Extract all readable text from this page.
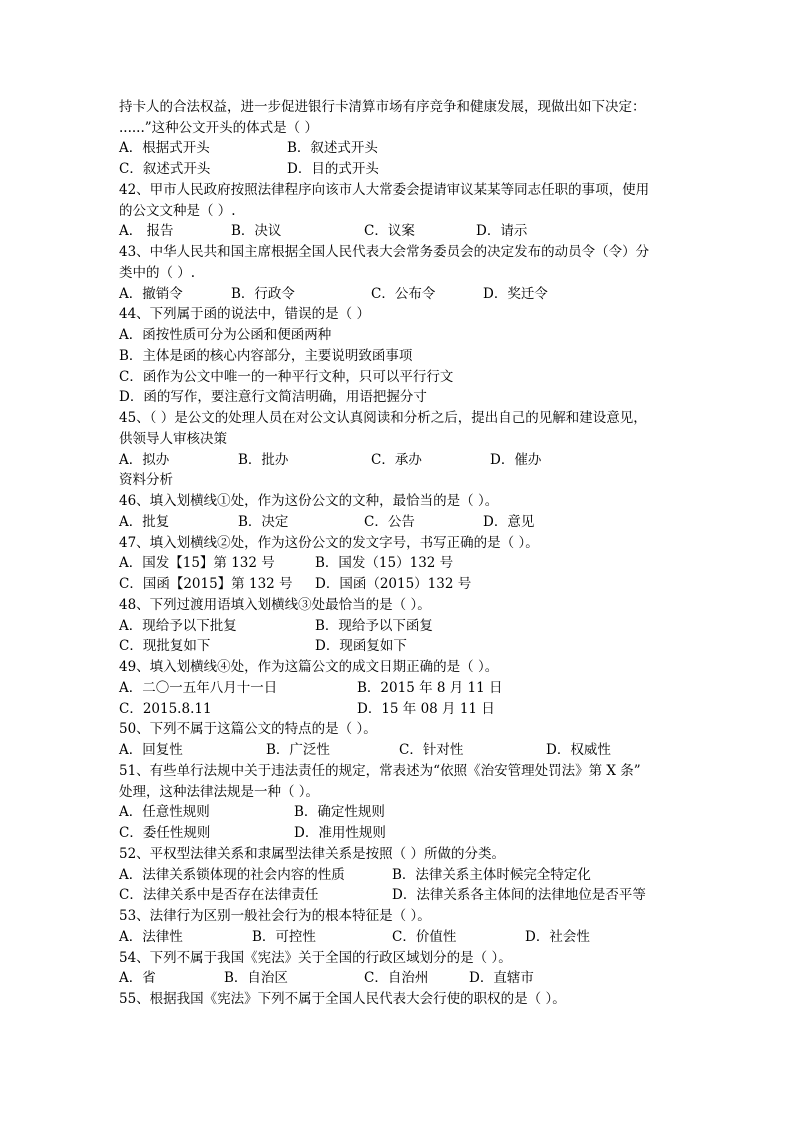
持卡人的合法权益，进一步促进银行卡清算市场有序竞争和健康发展，现做出如下决定：
......”这种公文开头的体式是（ ）
A．根据式开头	B．叙述式开头
C．叙述式开头	D．目的式开头
42、甲市人民政府按照法律程序向该市人大常委会提请审议某某等同志任职的事项，使用
的公文文种是（ ）.
A． 报告	B．决议	C．议案	D．请示
43、中华人民共和国主席根据全国人民代表大会常务委员会的决定发布的动员令（令）分
类中的（ ）.
A．撤销令	B．行政令	C．公布令	D．奖迁令
44、下列属于函的说法中，错误的是（ ）
A．函按性质可分为公函和便函两种
B．主体是函的核心内容部分，主要说明致函事项
C．函作为公文中唯一的一种平行文种，只可以平行行文
D．函的写作，要注意行文简洁明确，用语把握分寸
45、（ ）是公文的处理人员在对公文认真阅读和分析之后，提出自己的见解和建设意见，
供领导人审核决策
A．拟办	B．批办	C．承办	D．催办
资料分析
46、填入划横线①处，作为这份公文的文种，最恰当的是（ ）。
A．批复	B．决定	C．公告	D．意见
47、填入划横线②处，作为这份公文的发文字号，书写正确的是（ ）。
A．国发【15】第 132 号	B．国发（15）132 号
C．国函【2015】第 132 号 D．国函（2015）132 号
48、下列过渡用语填入划横线③处最恰当的是（ ）。
A．现给予以下批复	B．现给予以下函复
C．现批复如下	D．现函复如下
49、填入划横线④处，作为这篇公文的成文日期正确的是（ ）。
A．二〇一五年八月十一日	B．2015 年 8 月 11 日
C．2015.8.11	D．15 年 08 月 11 日
50、下列不属于这篇公文的特点的是（ ）。
A．回复性	B．广泛性	C．针对性	D．权威性
51、有些单行法规中关于违法责任的规定，常表述为“依照《治安管理处罚法》第 X 条”
处理，这种法律法规是一种（ ）。
A．任意性规则	B．确定性规则
C．委任性规则	D．准用性规则
52、平权型法律关系和隶属型法律关系是按照（ ）所做的分类。
A．法律关系锁体现的社会内容的性质	B．法律关系主体时候完全特定化
C．法律关系中是否存在法律责任	D．法律关系各主体间的法律地位是否平等
53、法律行为区别一般社会行为的根本特征是（ ）。
A．法律性	B．可控性	C．价值性	D．社会性
54、下列不属于我国《宪法》关于全国的行政区域划分的是（ ）。
A．省	B．自治区	C．自治州	D．直辖市
55、根据我国《宪法》下列不属于全国人民代表大会行使的职权的是（ ）。
